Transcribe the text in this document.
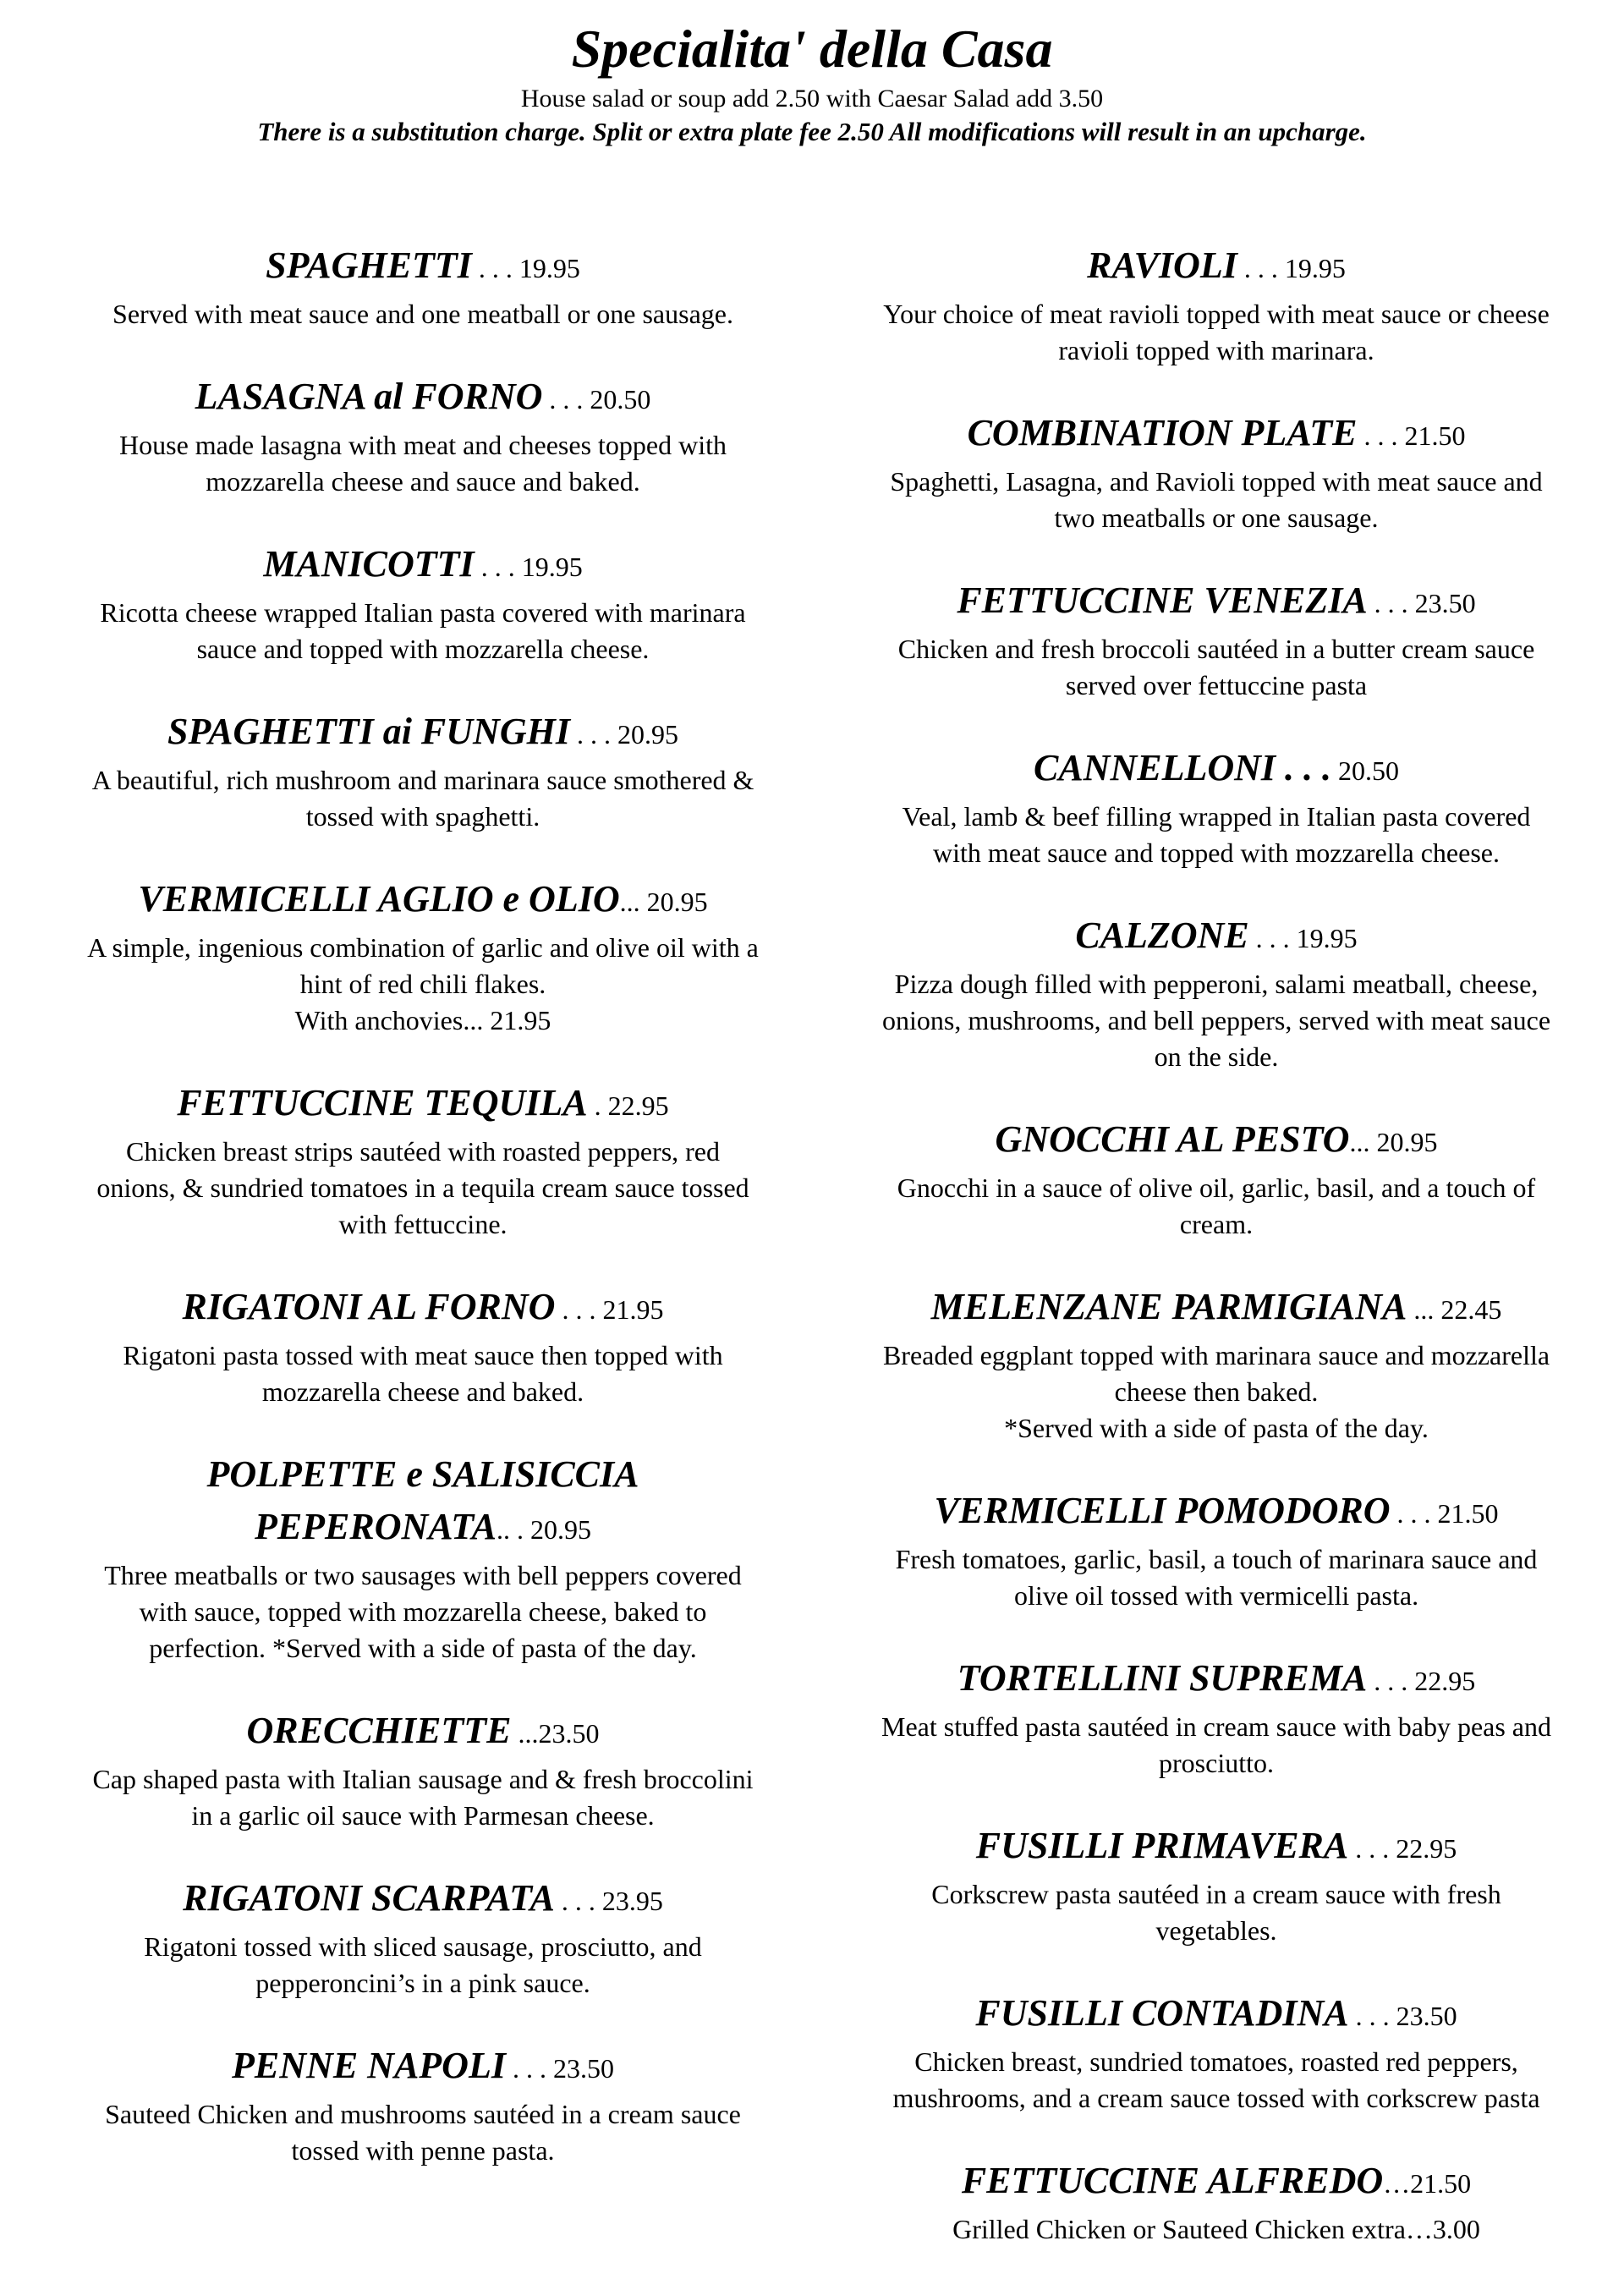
Specialita' della Casa
House salad or soup add 2.50 with Caesar Salad add 3.50
There is a substitution charge. Split or extra plate fee 2.50 All modifications will result in an upcharge.
SPAGHETTI . . . 19.95
Served with meat sauce and one meatball or one sausage.
LASAGNA al FORNO . . . 20.50
House made lasagna with meat and cheeses topped with mozzarella cheese and sauce and baked.
MANICOTTI . . . 19.95
Ricotta cheese wrapped Italian pasta covered with marinara sauce and topped with mozzarella cheese.
SPAGHETTI ai FUNGHI . . . 20.95
A beautiful, rich mushroom and marinara sauce smothered & tossed with spaghetti.
VERMICELLI AGLIO e OLIO... 20.95
A simple, ingenious combination of garlic and olive oil with a hint of red chili flakes.
With anchovies... 21.95
FETTUCCINE TEQUILA . 22.95
Chicken breast strips sautéed with roasted peppers, red onions, & sundried tomatoes in a tequila cream sauce tossed with fettuccine.
RIGATONI AL FORNO . . . 21.95
Rigatoni pasta tossed with meat sauce then topped with mozzarella cheese and baked.
POLPETTE e SALISICCIA PEPERONATA.. . 20.95
Three meatballs or two sausages with bell peppers covered with sauce, topped with mozzarella cheese, baked to perfection. *Served with a side of pasta of the day.
ORECCHIETTE ...23.50
Cap shaped pasta with Italian sausage and & fresh broccolini in a garlic oil sauce with Parmesan cheese.
RIGATONI SCARPATA . . . 23.95
Rigatoni tossed with sliced sausage, prosciutto, and pepperoncini’s in a pink sauce.
PENNE NAPOLI . . . 23.50
Sauteed Chicken and mushrooms sautéed in a cream sauce tossed with penne pasta.
RAVIOLI . . . 19.95
Your choice of meat ravioli topped with meat sauce or cheese ravioli topped with marinara.
COMBINATION PLATE . . . 21.50
Spaghetti, Lasagna, and Ravioli topped with meat sauce and two meatballs or one sausage.
FETTUCCINE VENEZIA . . . 23.50
Chicken and fresh broccoli sautéed in a butter cream sauce served over fettuccine pasta
CANNELLONI . . . 20.50
Veal, lamb & beef filling wrapped in Italian pasta covered with meat sauce and topped with mozzarella cheese.
CALZONE . . . 19.95
Pizza dough filled with pepperoni, salami meatball, cheese, onions, mushrooms, and bell peppers, served with meat sauce on the side.
GNOCCHI AL PESTO... 20.95
Gnocchi in a sauce of olive oil, garlic, basil, and a touch of cream.
MELENZANE PARMIGIANA ... 22.45
Breaded eggplant topped with marinara sauce and mozzarella cheese then baked.
*Served with a side of pasta of the day.
VERMICELLI POMODORO . . . 21.50
Fresh tomatoes, garlic, basil, a touch of marinara sauce and olive oil tossed with vermicelli pasta.
TORTELLINI SUPREMA . . . 22.95
Meat stuffed pasta sautéed in cream sauce with baby peas and prosciutto.
FUSILLI PRIMAVERA . . . 22.95
Corkscrew pasta sautéed in a cream sauce with fresh vegetables.
FUSILLI CONTADINA . . . 23.50
Chicken breast, sundried tomatoes, roasted red peppers, mushrooms, and a cream sauce tossed with corkscrew pasta
FETTUCCINE ALFREDO…21.50
Grilled Chicken or Sauteed Chicken extra…3.00
